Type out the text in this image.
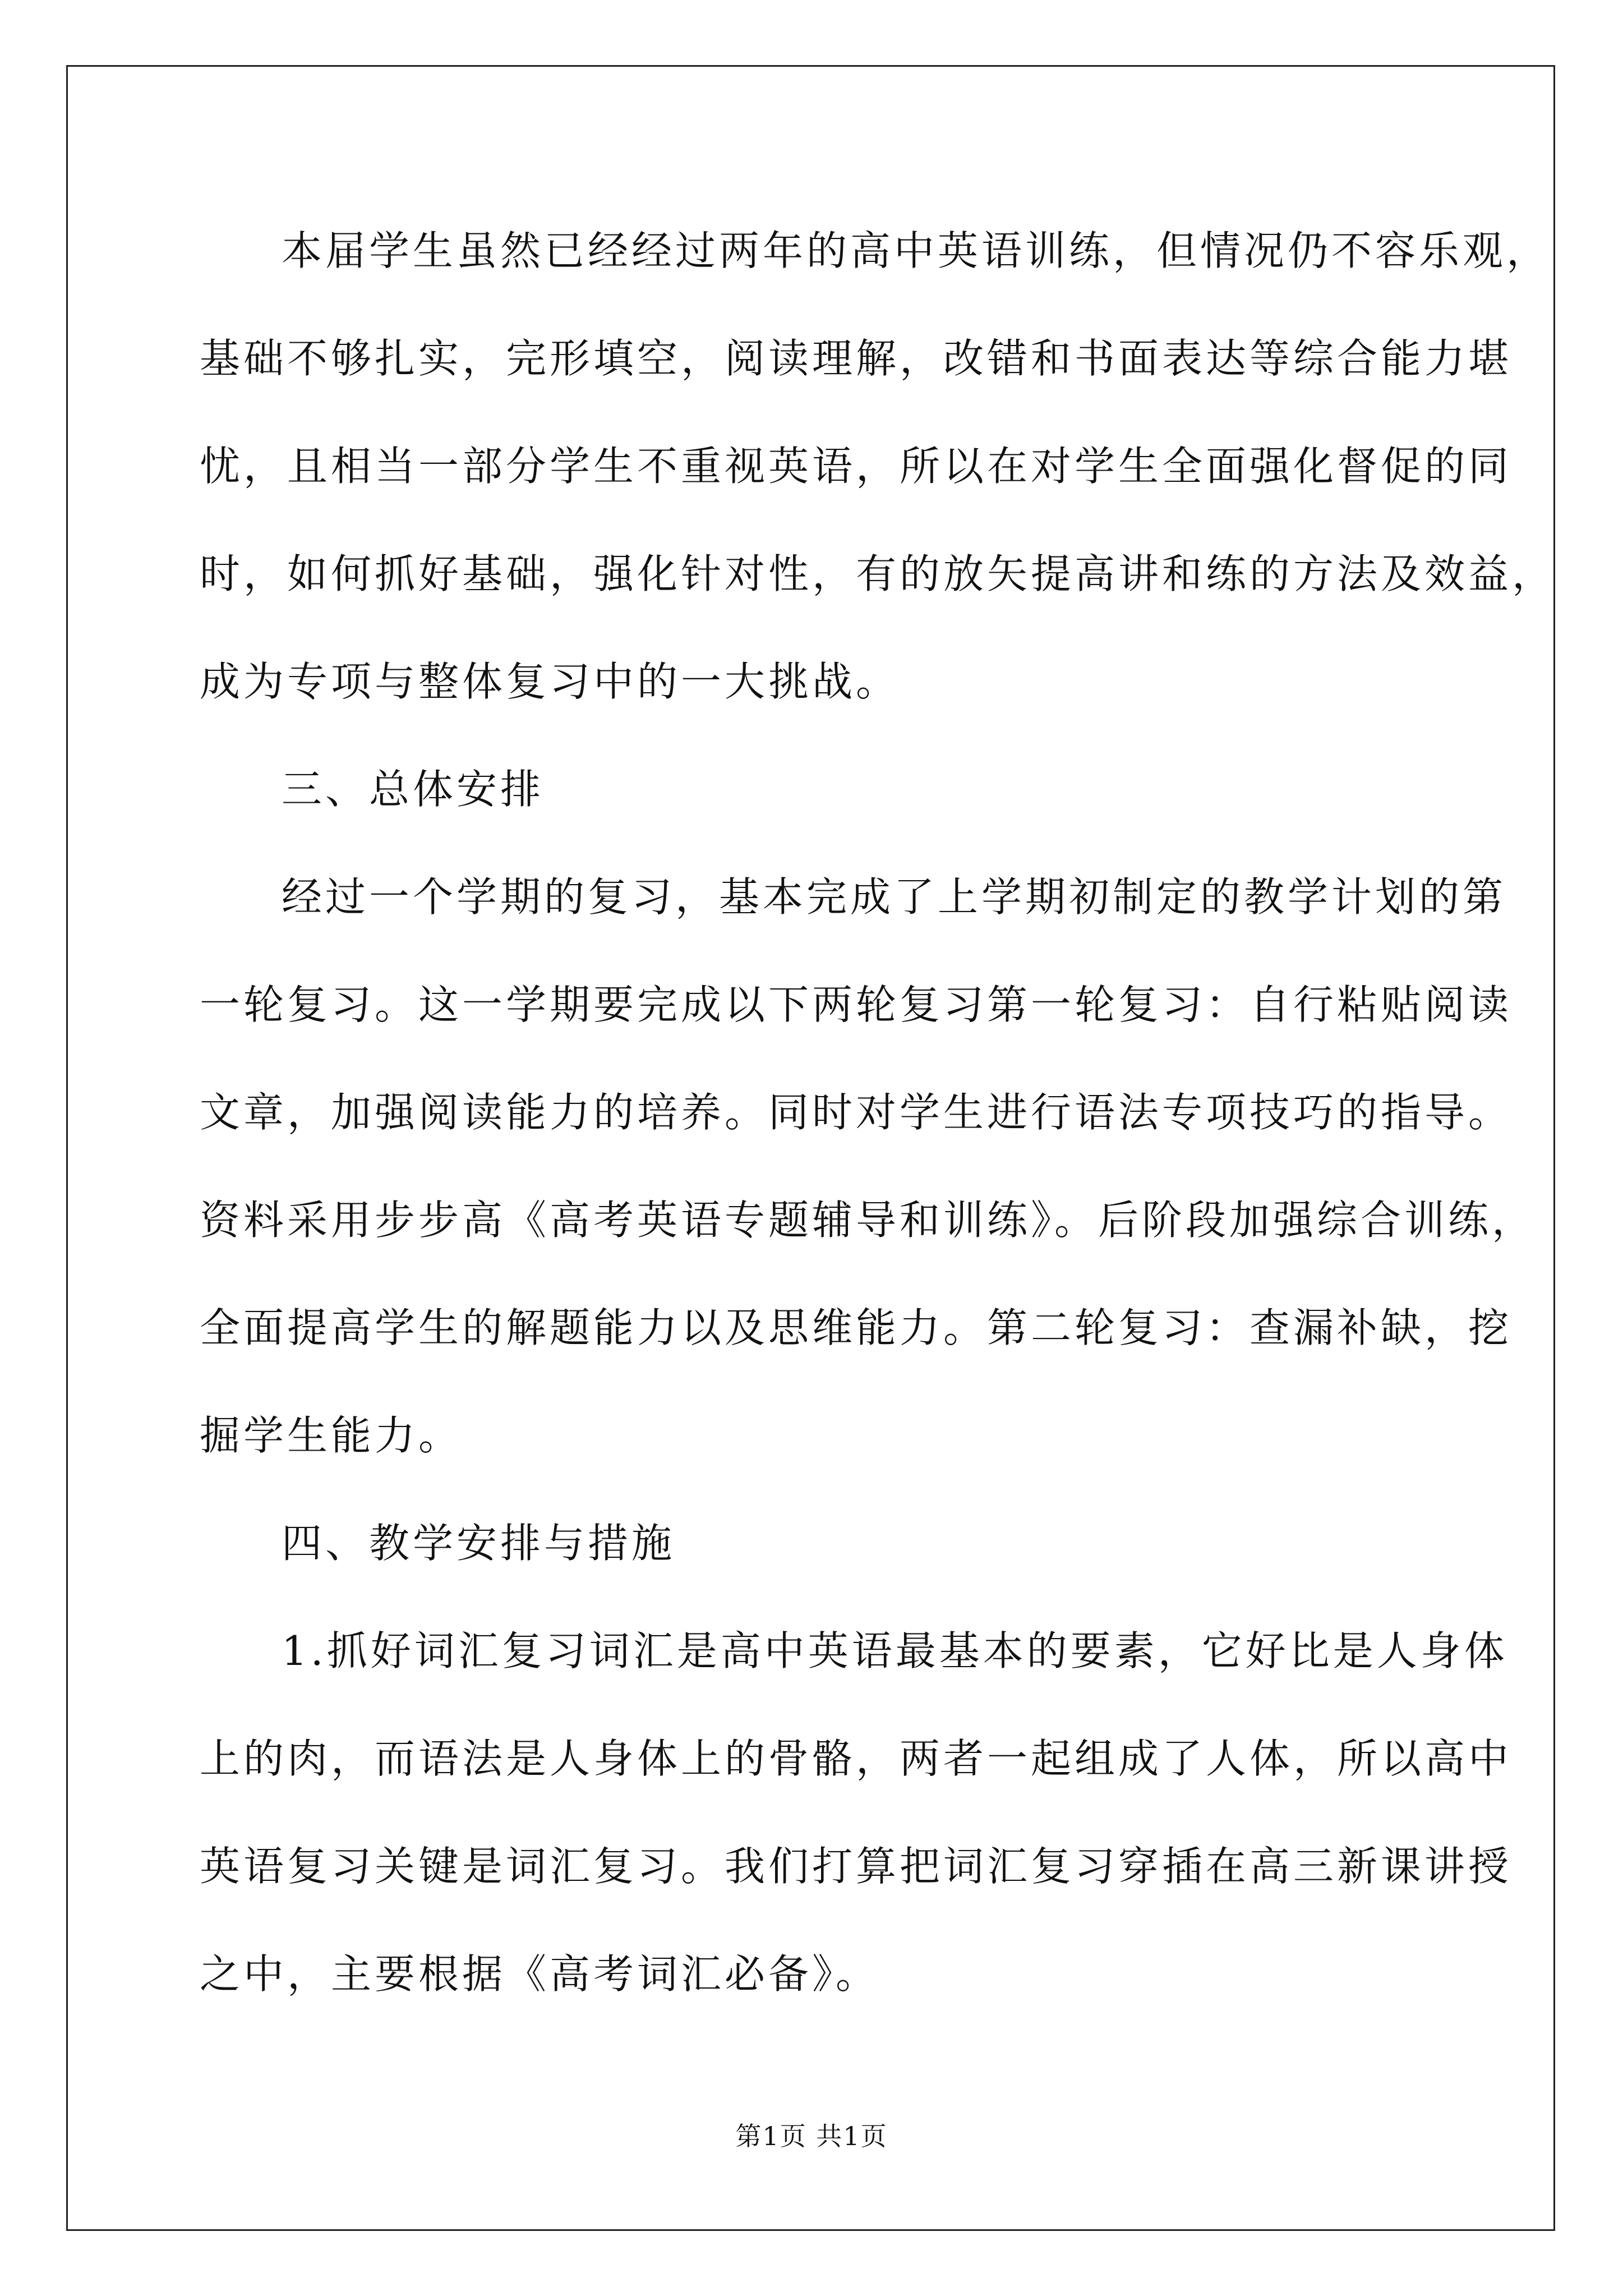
本届学生虽然已经经过两年的高中英语训练，但情况仍不容乐观，
基础不够扎实，完形填空，阅读理解，改错和书面表达等综合能力堪
忧，且相当一部分学生不重视英语，所以在对学生全面强化督促的同
时，如何抓好基础，强化针对性，有的放矢提高讲和练的方法及效益，
成为专项与整体复习中的一大挑战。
三、总体安排
经过一个学期的复习，基本完成了上学期初制定的教学计划的第
一轮复习。这一学期要完成以下两轮复习第一轮复习：自行粘贴阅读
文章，加强阅读能力的培养。同时对学生进行语法专项技巧的指导。
资料采用步步高《高考英语专题辅导和训练》。后阶段加强综合训练，
全面提高学生的解题能力以及思维能力。第二轮复习：查漏补缺，挖
掘学生能力。
四、教学安排与措施
1.抓好词汇复习词汇是高中英语最基本的要素，它好比是人身体
上的肉，而语法是人身体上的骨骼，两者一起组成了人体，所以高中
英语复习关键是词汇复习。我们打算把词汇复习穿插在高三新课讲授
之中，主要根据《高考词汇必备》。
第1页 共1页
